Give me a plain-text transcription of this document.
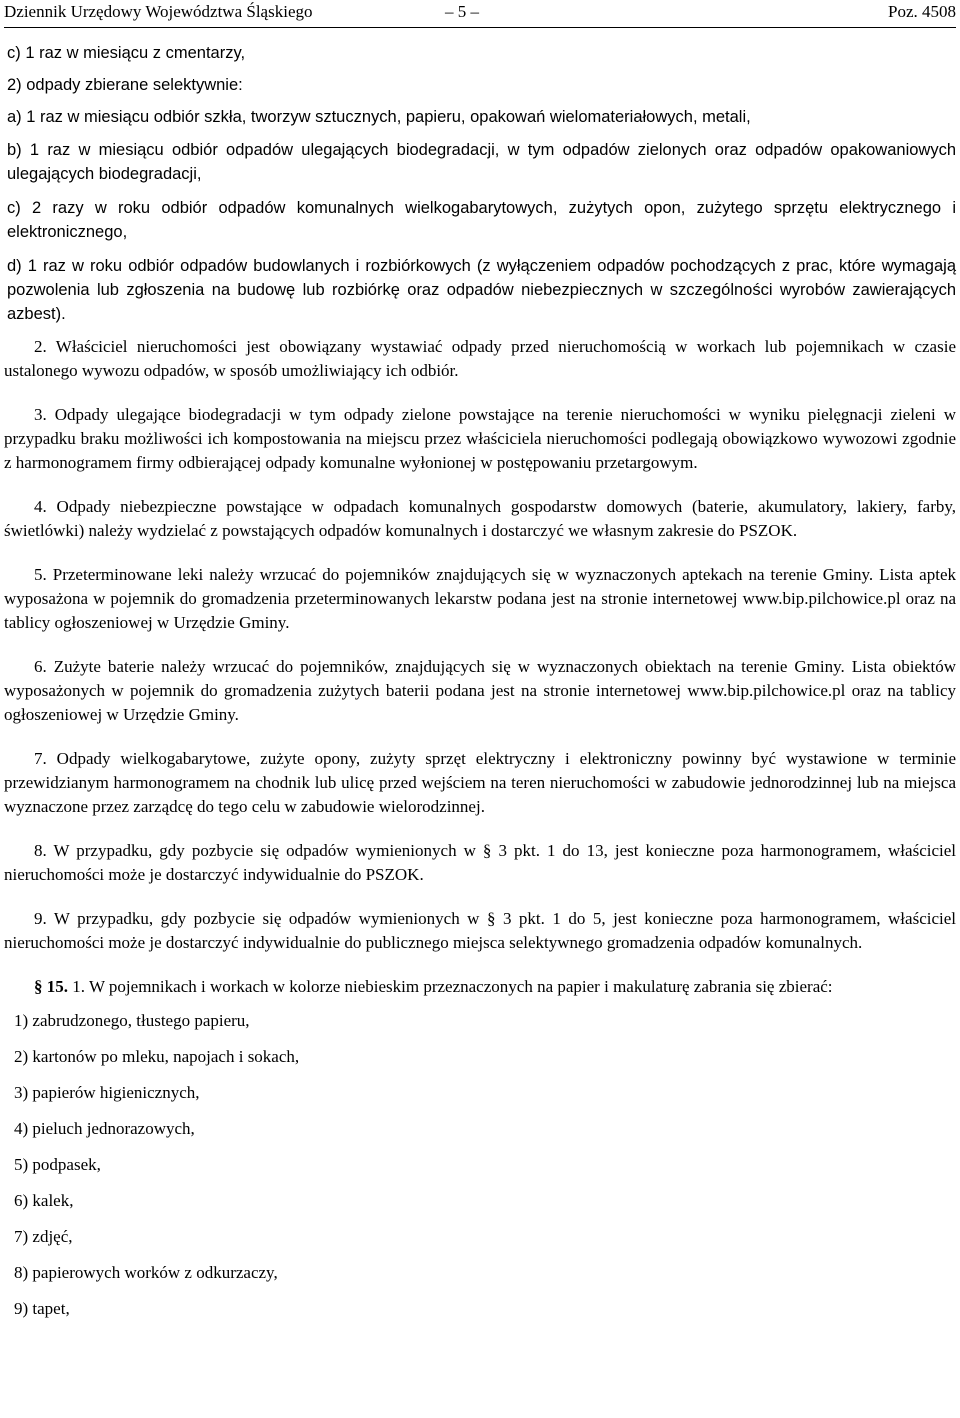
Dziennik Urzędowy Województwa Śląskiego	– 5 –	Poz. 4508

c) 1 raz w miesiącu z cmentarzy,

2) odpady zbierane selektywnie:

a) 1 raz w miesiącu odbiór szkła, tworzyw sztucznych, papieru, opakowań wielomateriałowych, metali,

b) 1 raz w miesiącu odbiór odpadów ulegających biodegradacji, w tym odpadów zielonych oraz odpadów opakowaniowych ulegających biodegradacji,

c) 2 razy w roku odbiór odpadów komunalnych wielkogabarytowych, zużytych opon, zużytego sprzętu elektrycznego i elektronicznego,

d) 1 raz w roku odbiór odpadów budowlanych i rozbiórkowych (z wyłączeniem odpadów pochodzących z prac, które wymagają pozwolenia lub zgłoszenia na budowę lub rozbiórkę oraz odpadów niebezpiecznych w szczególności wyrobów zawierających azbest).

2. Właściciel nieruchomości jest obowiązany wystawiać odpady przed nieruchomością w workach lub pojemnikach w czasie ustalonego wywozu odpadów, w sposób umożliwiający ich odbiór.

3. Odpady ulegające biodegradacji w tym odpady zielone powstające na terenie nieruchomości w wyniku pielęgnacji zieleni w przypadku braku możliwości ich kompostowania na miejscu przez właściciela nieruchomości podlegają obowiązkowo wywozowi zgodnie z harmonogramem firmy odbierającej odpady komunalne wyłonionej w postępowaniu przetargowym.

4. Odpady niebezpieczne powstające w odpadach komunalnych gospodarstw domowych (baterie, akumulatory, lakiery, farby, świetlówki) należy wydzielać z powstających odpadów komunalnych i dostarczyć we własnym zakresie do PSZOK.

5. Przeterminowane leki należy wrzucać do pojemników znajdujących się w wyznaczonych aptekach na terenie Gminy. Lista aptek wyposażona w pojemnik do gromadzenia przeterminowanych lekarstw podana jest na stronie internetowej www.bip.pilchowice.pl oraz na tablicy ogłoszeniowej w Urzędzie Gminy.

6. Zużyte baterie należy wrzucać do pojemników, znajdujących się w wyznaczonych obiektach na terenie Gminy. Lista obiektów wyposażonych w pojemnik do gromadzenia zużytych baterii podana jest na stronie internetowej www.bip.pilchowice.pl oraz na tablicy ogłoszeniowej w Urzędzie Gminy.

7. Odpady wielkogabarytowe, zużyte opony, zużyty sprzęt elektryczny i elektroniczny powinny być wystawione w terminie przewidzianym harmonogramem na chodnik lub ulicę przed wejściem na teren nieruchomości w zabudowie jednorodzinnej lub na miejsca wyznaczone przez zarządcę do tego celu w zabudowie wielorodzinnej.

8. W przypadku, gdy pozbycie się odpadów wymienionych w § 3 pkt. 1 do 13, jest konieczne poza harmonogramem, właściciel nieruchomości może je dostarczyć indywidualnie do PSZOK.

9. W przypadku, gdy pozbycie się odpadów wymienionych w § 3 pkt. 1 do 5, jest konieczne poza harmonogramem, właściciel nieruchomości może je dostarczyć indywidualnie do publicznego miejsca selektywnego gromadzenia odpadów komunalnych.

§ 15. 1. W pojemnikach i workach w kolorze niebieskim przeznaczonych na papier i makulaturę zabrania się zbierać:

1) zabrudzonego, tłustego papieru,
2) kartonów po mleku, napojach i sokach,
3) papierów higienicznych,
4) pieluch jednorazowych,
5) podpasek,
6) kalek,
7) zdjęć,
8) papierowych worków z odkurzaczy,
9) tapet,
